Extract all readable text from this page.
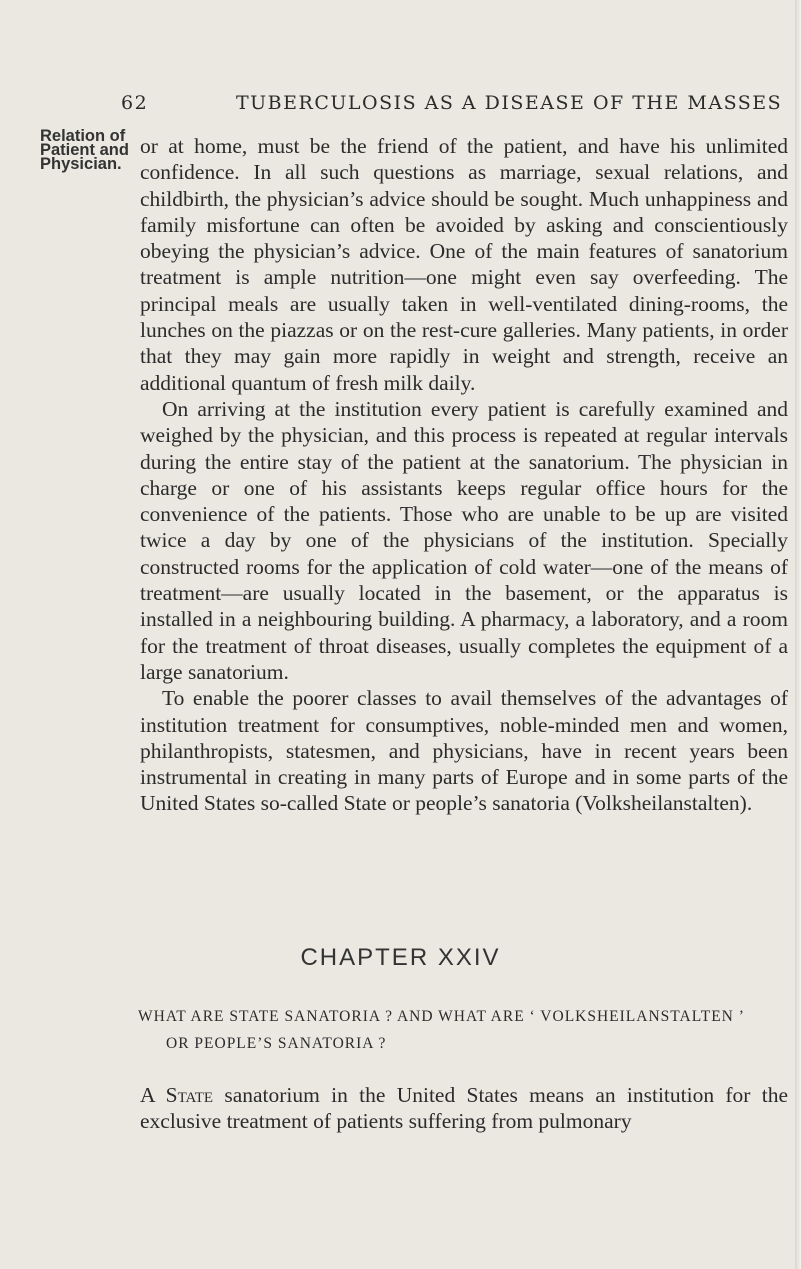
62	TUBERCULOSIS AS A DISEASE OF THE MASSES
Relation of
Patient and
Physician.

or at home, must be the friend of the patient, and have his unlimited confidence. In all such questions as marriage, sexual relations, and childbirth, the physician’s advice should be sought. Much unhappiness and family misfortune can often be avoided by asking and conscientiously obeying the physician’s advice. One of the main features of sanatorium treatment is ample nutrition—one might even say overfeeding. The principal meals are usually taken in well-ventilated dining-rooms, the lunches on the piazzas or on the rest-cure galleries. Many patients, in order that they may gain more rapidly in weight and strength, receive an additional quantum of fresh milk daily.

On arriving at the institution every patient is carefully examined and weighed by the physician, and this process is repeated at regular intervals during the entire stay of the patient at the sanatorium. The physician in charge or one of his assistants keeps regular office hours for the convenience of the patients. Those who are unable to be up are visited twice a day by one of the physicians of the institution. Specially constructed rooms for the application of cold water—one of the means of treatment—are usually located in the basement, or the apparatus is installed in a neighbouring building. A pharmacy, a laboratory, and a room for the treatment of throat diseases, usually completes the equipment of a large sanatorium.

To enable the poorer classes to avail themselves of the advantages of institution treatment for consumptives, noble-minded men and women, philanthropists, statesmen, and physicians, have in recent years been instrumental in creating in many parts of Europe and in some parts of the United States so-called State or people’s sanatoria (Volksheilanstalten).

CHAPTER XXIV
WHAT ARE STATE SANATORIA ? AND WHAT ARE ‘ VOLKSHEILANSTALTEN ’
OR PEOPLE’S SANATORIA ?

A State sanatorium in the United States means an institution for the exclusive treatment of patients suffering from pulmonary
